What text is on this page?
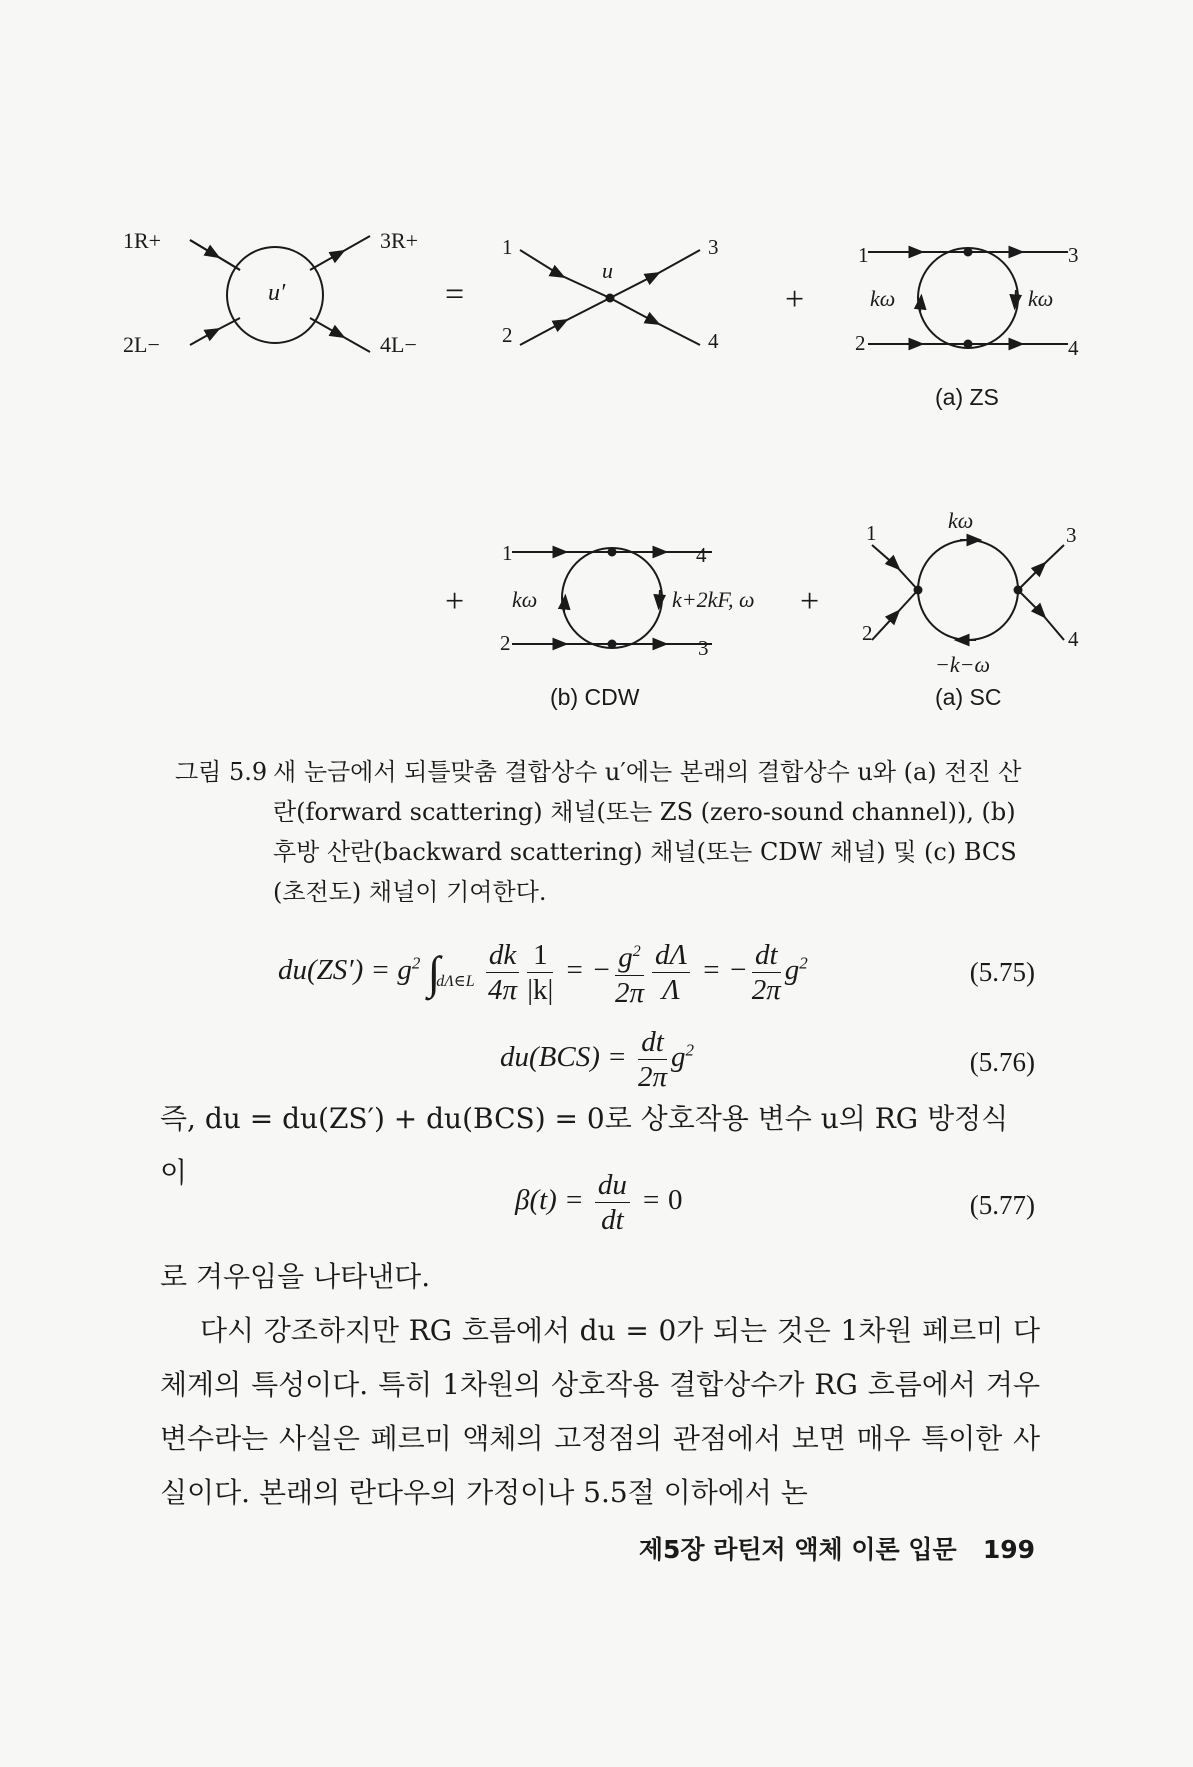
u′
1R+	3R+
2L−	4L−
=
u
1	3
2	4
+
1	3
2	4
kω	kω
(a) ZS
+
1	4
2	3
kω	k+2kF, ω
(b) CDW
+
kω
−k−ω
1	3
2	4
(a) SC
그림 5.9 새 눈금에서 되틀맞춤 결합상수 u′에는 본래의 결합상수 u와 (a) 전진 산란(forward scattering) 채널(또는 ZS (zero-sound channel)), (b) 후방 산란(backward scattering) 채널(또는 CDW 채널) 및 (c) BCS (초전도) 채널이 기여한다.
$du(ZS') = g^2$ $\int_{d\Lambda\in L} \frac{dk}{4\pi} \frac{1}{|k|}$ = − $\frac{g^2}{2\pi} \frac{d\Lambda}{\Lambda}$ = − $\frac{dt}{2\pi} g^2$	(5.75)
$du(BCS) = \frac{dt}{2\pi} g^2$	(5.76)
즉, du = du(ZS′) + du(BCS) = 0로 상호작용 변수 u의 RG 방정식
이
$\beta(t) = \frac{du}{dt} = 0$	(5.77)
로 겨우임을 나타낸다.
다시 강조하지만 RG 흐름에서 du = 0가 되는 것은 1차원 페르미 다체계의 특성이다. 특히 1차원의 상호작용 결합상수가 RG 흐름에서 겨우 변수라는 사실은 페르미 액체의 고정점의 관점에서 보면 매우 특이한 사실이다. 본래의 란다우의 가정이나 5.5절 이하에서 논
제5장 라틴저 액체 이론 입문 199
